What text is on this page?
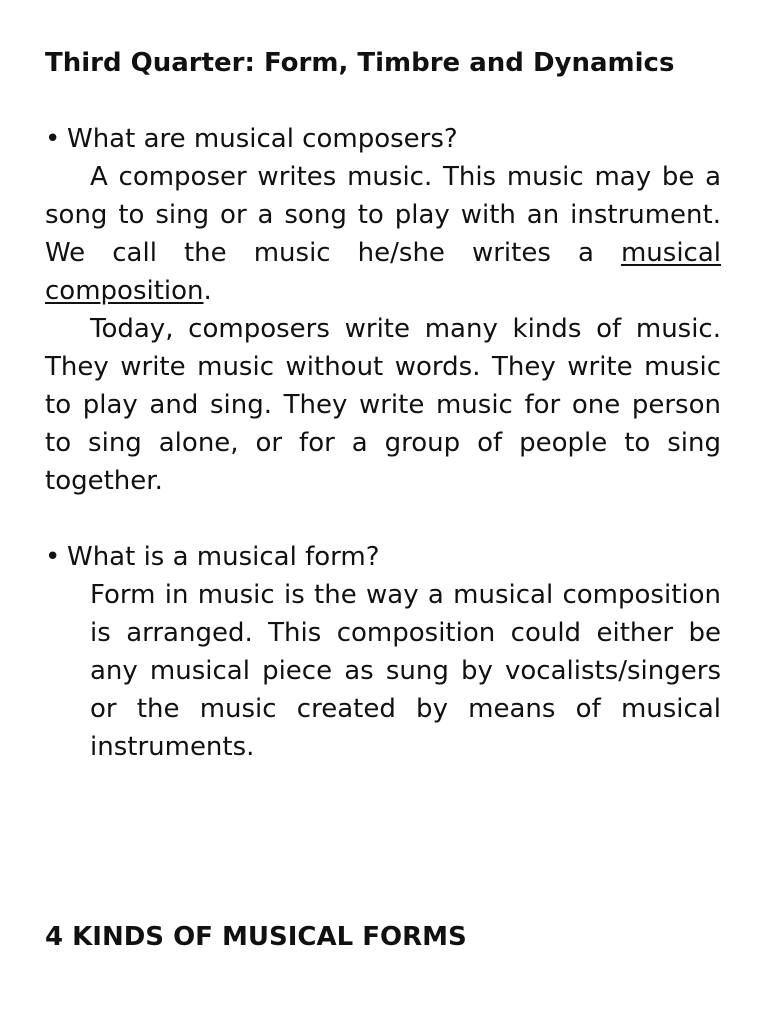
Third Quarter: Form, Timbre and Dynamics
• What are musical composers?

A composer writes music. This music may be a song to sing or a song to play with an instrument. We call the music he/she writes a musical composition.

Today, composers write many kinds of music. They write music without words. They write music to play and sing. They write music for one person to sing alone, or for a group of people to sing together.

• What is a musical form?

Form in music is the way a musical composition is arranged. This composition could either be any musical piece as sung by vocalists/singers or the music created by means of musical instruments.

4 KINDS OF MUSICAL FORMS
